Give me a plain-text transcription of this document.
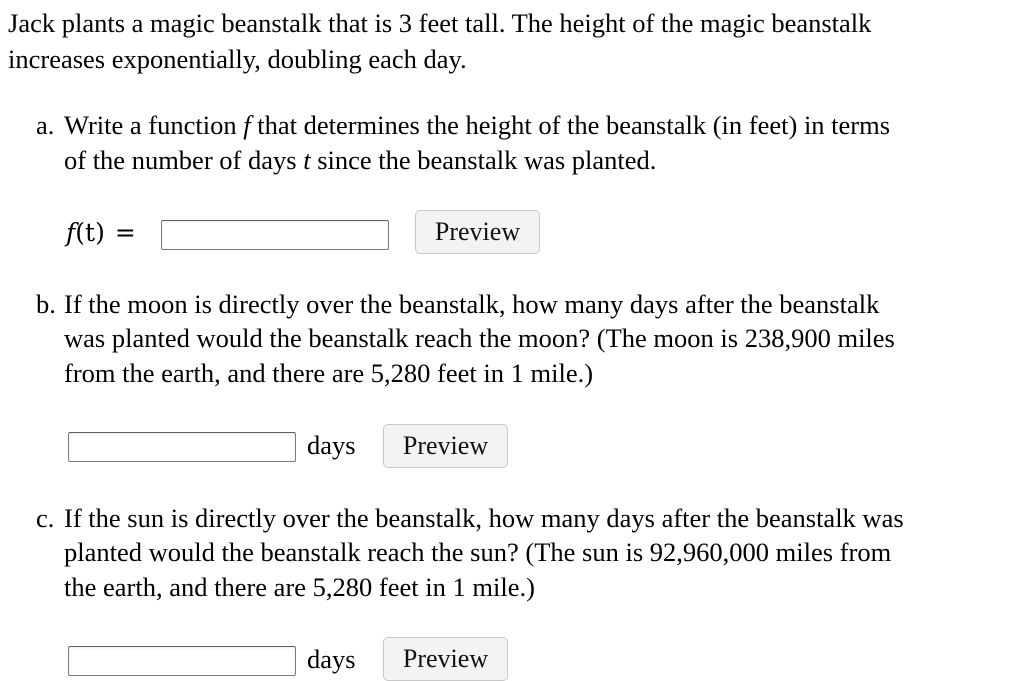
Jack plants a magic beanstalk that is 3 feet tall. The height of the magic beanstalk
increases exponentially, doubling each day.
a. Write a function f that determines the height of the beanstalk (in feet) in terms
of the number of days t since the beanstalk was planted.
f(t) =	Preview
b. If the moon is directly over the beanstalk, how many days after the beanstalk
was planted would the beanstalk reach the moon? (The moon is 238,900 miles
from the earth, and there are 5,280 feet in 1 mile.)
days	Preview
c. If the sun is directly over the beanstalk, how many days after the beanstalk was
planted would the beanstalk reach the sun? (The sun is 92,960,000 miles from
the earth, and there are 5,280 feet in 1 mile.)
days	Preview
